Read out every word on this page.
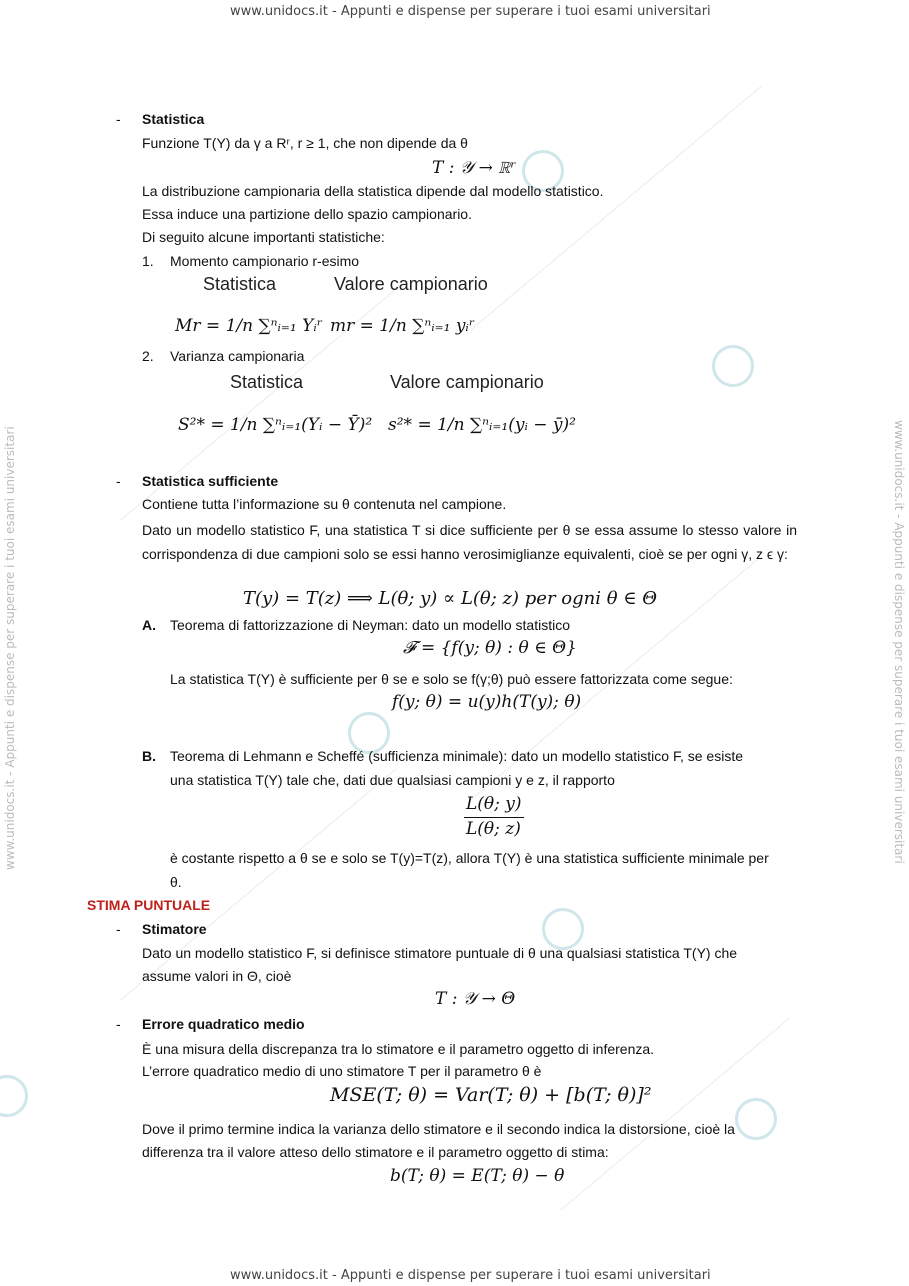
www.unidocs.it - Appunti e dispense per superare i tuoi esami universitari
www.unidocs.it - Appunti e dispense per superare i tuoi esami universitari
www.unidocs.it - Appunti e dispense per superare i tuoi esami universitari	www.unidocs.it - Appunti e dispense per superare i tuoi esami universitari
- Statistica
Funzione T(Y) da γ a Rʳ, r ≥ 1, che non dipende da θ
T : 𝒴 → ℝʳ
La distribuzione campionaria della statistica dipende dal modello statistico.
Essa induce una partizione dello spazio campionario.
Di seguito alcune importanti statistiche:
1. Momento campionario r-esimo
Statistica	Valore campionario
Mr = 1/n ∑ⁿᵢ₌₁ Yᵢʳ mr = 1/n ∑ⁿᵢ₌₁ yᵢʳ
2. Varianza campionaria
Statistica	Valore campionario
S²* = 1/n ∑ⁿᵢ₌₁(Yᵢ − Ȳ)² s²* = 1/n ∑ⁿᵢ₌₁(yᵢ − ȳ)²
- Statistica sufficiente
Contiene tutta l’informazione su θ contenuta nel campione.
Dato un modello statistico F, una statistica T si dice sufficiente per θ se essa assume lo stesso valore in corrispondenza di due campioni solo se essi hanno verosimiglianze equivalenti, cioè se per ogni γ, z ϵ γ:
T(y) = T(z) ⟹ L(θ; y) ∝ L(θ; z) per ogni θ ∈ Θ
A. Teorema di fattorizzazione di Neyman: dato un modello statistico
𝓕 = {f(y; θ) : θ ∈ Θ}
La statistica T(Y) è sufficiente per θ se e solo se f(γ;θ) può essere fattorizzata come segue:
f(y; θ) = u(y)h(T(y); θ)
B. Teorema di Lehmann e Scheffé (sufficienza minimale): dato un modello statistico F, se esiste
una statistica T(Y) tale che, dati due qualsiasi campioni y e z, il rapporto
L(θ; y)
L(θ; z)
è costante rispetto a θ se e solo se T(y)=T(z), allora T(Y) è una statistica sufficiente minimale per
θ.
STIMA PUNTUALE
- Stimatore
Dato un modello statistico F, si definisce stimatore puntuale di θ una qualsiasi statistica T(Y) che
assume valori in Θ, cioè
T : 𝒴 → Θ
- Errore quadratico medio
È una misura della discrepanza tra lo stimatore e il parametro oggetto di inferenza.
L’errore quadratico medio di uno stimatore T per il parametro θ è
MSE(T; θ) = Var(T; θ) + [b(T; θ)]²
Dove il primo termine indica la varianza dello stimatore e il secondo indica la distorsione, cioè la
differenza tra il valore atteso dello stimatore e il parametro oggetto di stima:
b(T; θ) = E(T; θ) − θ
